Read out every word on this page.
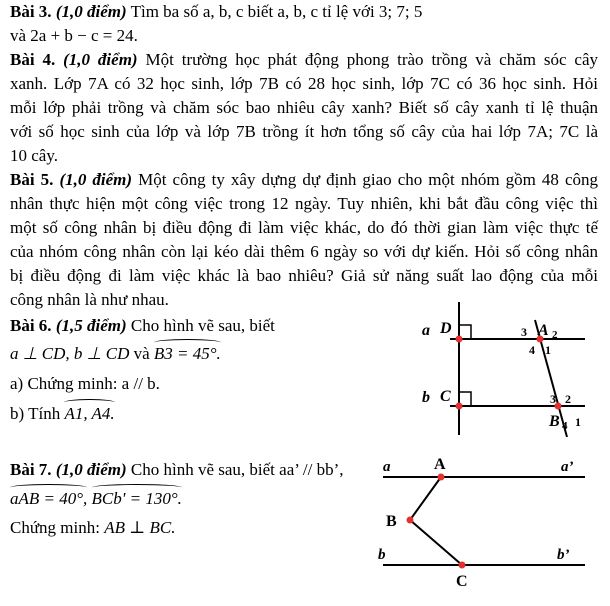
Bài 3. (1,0 điểm) Tìm ba số a, b, c biết a, b, c tỉ lệ với 3; 7; 5
và 2a + b − c = 24.
Bài 4. (1,0 điểm) Một trường học phát động phong trào trồng và chăm sóc cây
xanh. Lớp 7A có 32 học sinh, lớp 7B có 28 học sinh, lớp 7C có 36 học sinh. Hỏi
mỗi lớp phải trồng và chăm sóc bao nhiêu cây xanh? Biết số cây xanh tỉ lệ thuận
với số học sinh của lớp và lớp 7B trồng ít hơn tổng số cây của hai lớp 7A; 7C là
10 cây.
Bài 5. (1,0 điểm) Một công ty xây dựng dự định giao cho một nhóm gồm 48 công
nhân thực hiện một công việc trong 12 ngày. Tuy nhiên, khi bắt đầu công việc thì
một số công nhân bị điều động đi làm việc khác, do đó thời gian làm việc thực tế
của nhóm công nhân còn lại kéo dài thêm 6 ngày so với dự kiến. Hỏi số công nhân
bị điều động đi làm việc khác là bao nhiêu? Giả sử năng suất lao động của mỗi
công nhân là như nhau.
Bài 6. (1,5 điểm) Cho hình vẽ sau, biết
a ⊥ CD, b ⊥ CD và B3 = 45°.
a) Chứng minh: a // b.
b) Tính A1, A4.
a D
b C
A 2
3
4 1
3 2
B 4 1
Bài 7. (1,0 điểm) Cho hình vẽ sau, biết aa’ // bb’,
aAB = 40°, BCb' = 130°.
Chứng minh: AB ⊥ BC.
a	a’
A
B
b	b’
C
